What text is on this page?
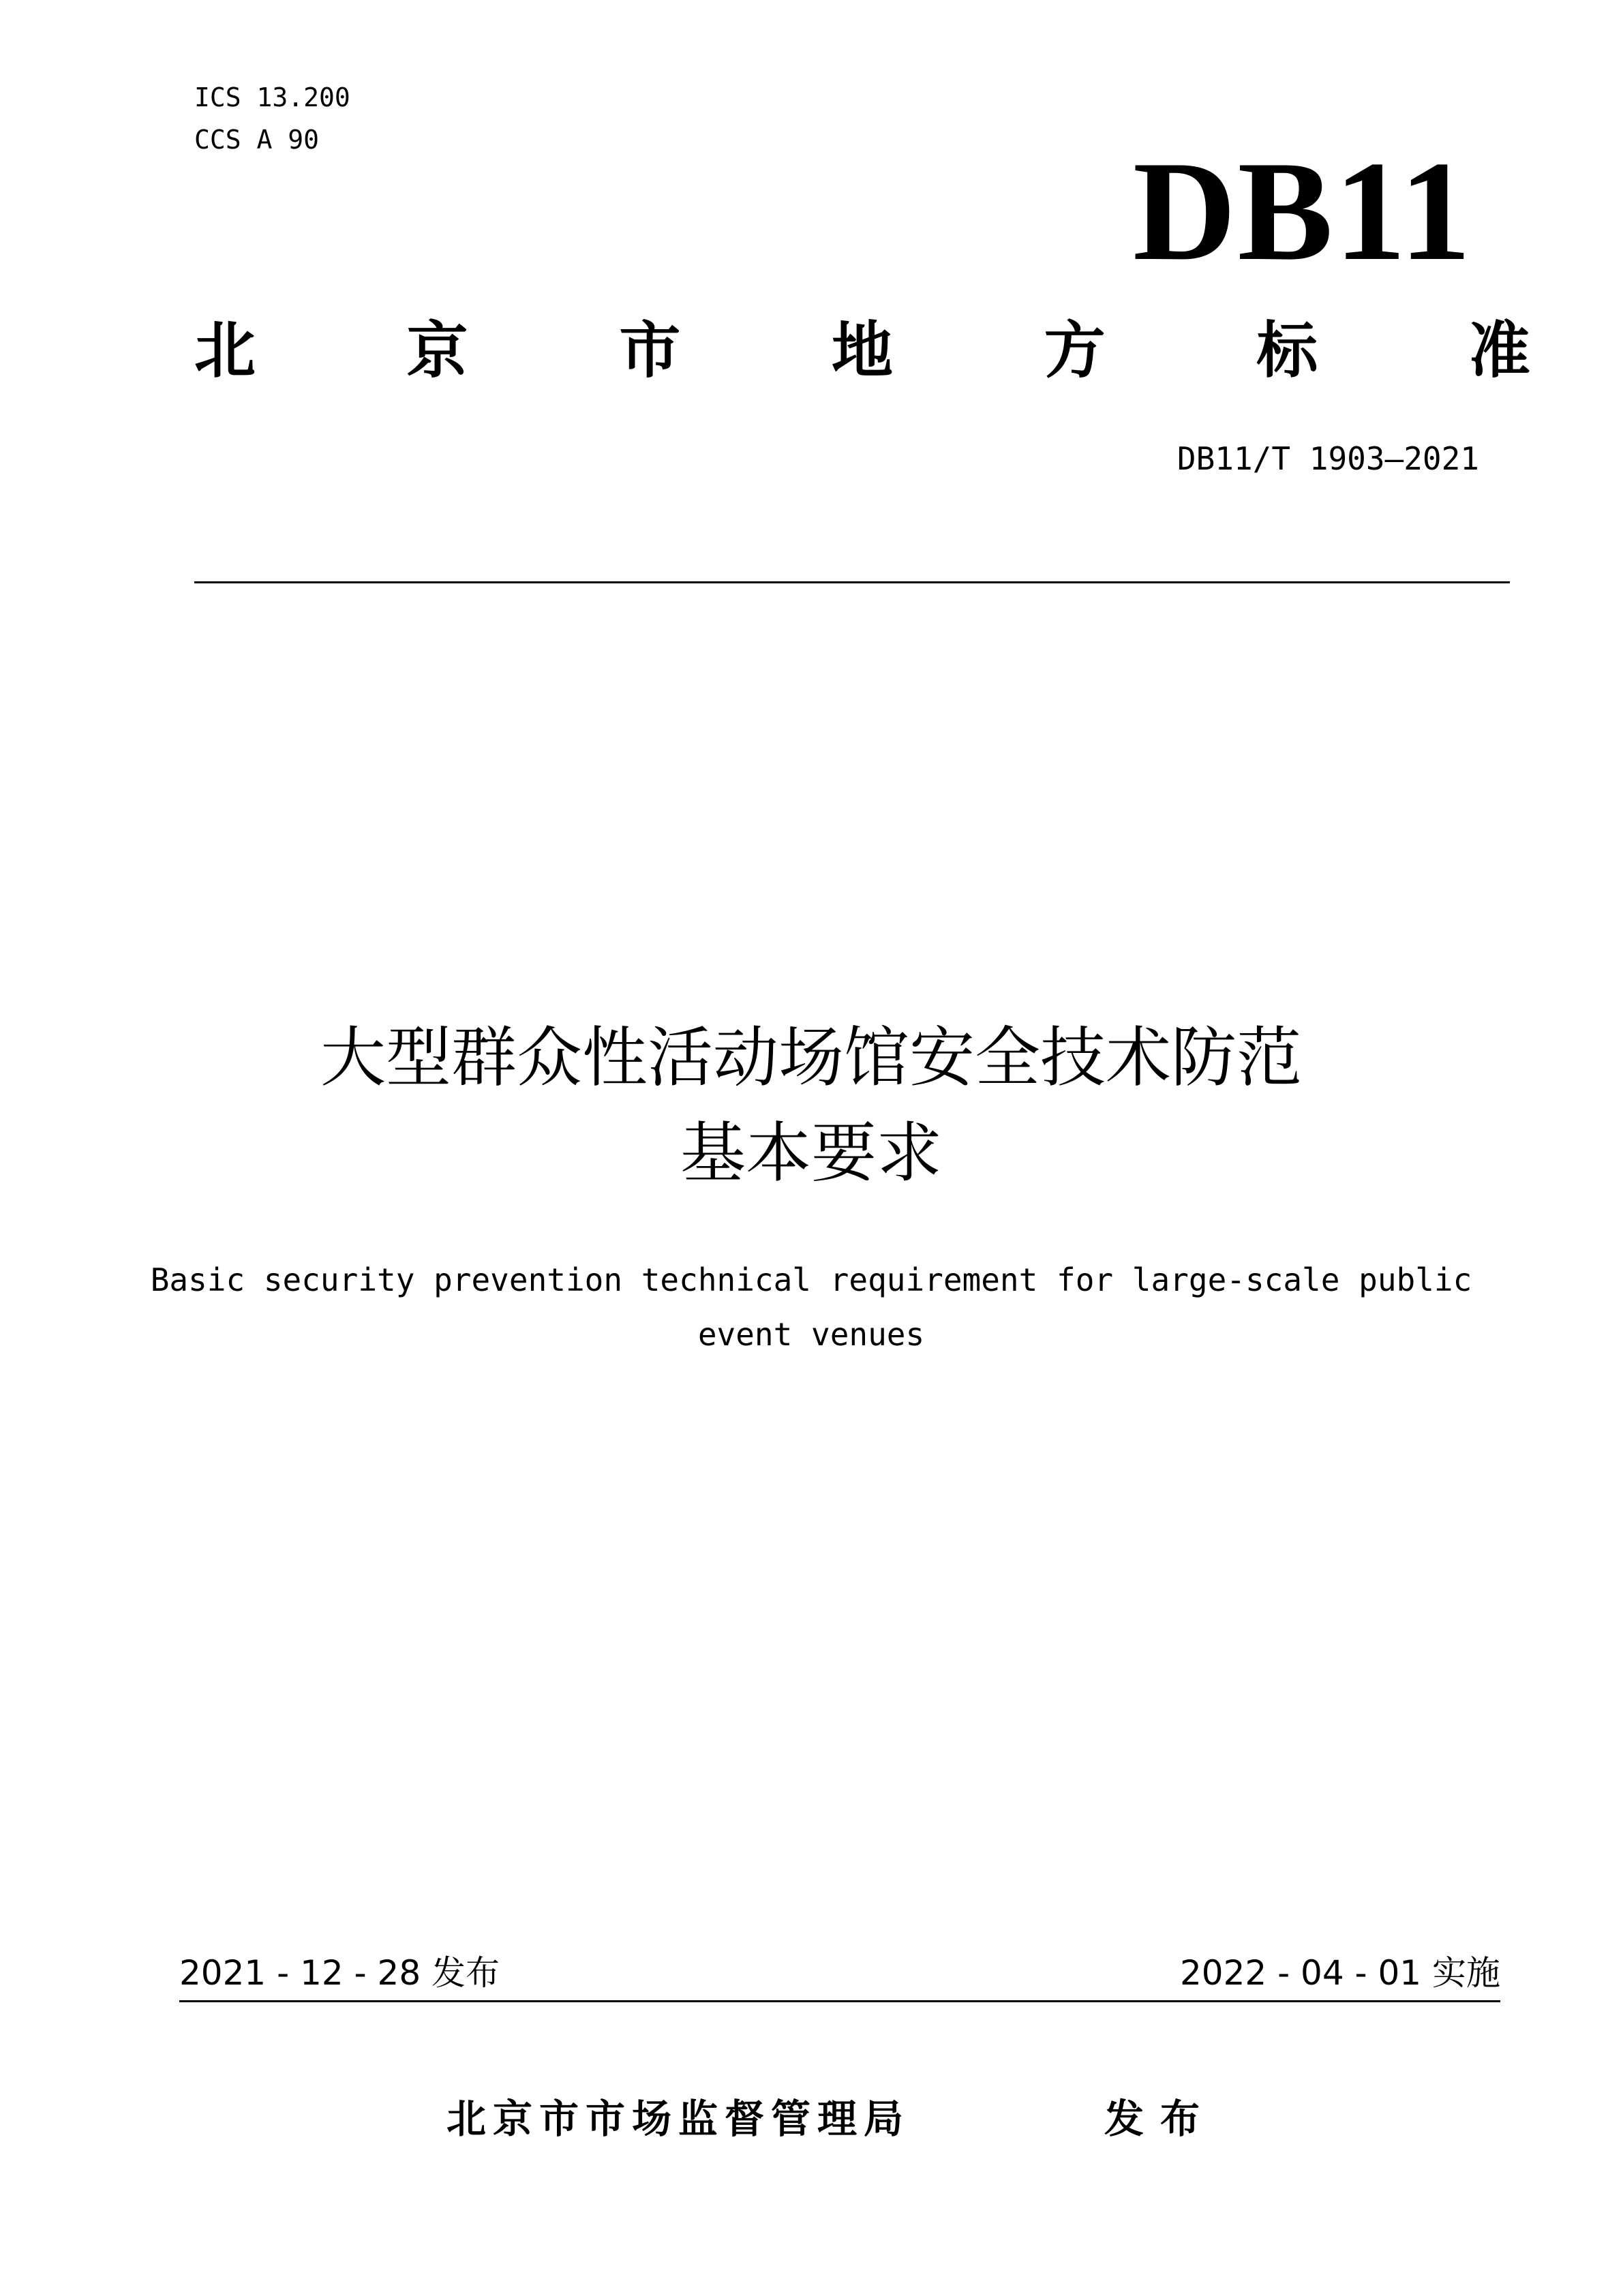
ICS 13.200
CCS A 90	DB11
北 京 市 地 方 标 准
DB11/T 1903—2021
大型群众性活动场馆安全技术防范
基本要求
Basic security prevention technical requirement for large-scale public
event venues
2021 - 12 - 28 发布	2022 - 04 - 01 实施
北京市市场监督管理局	发布
